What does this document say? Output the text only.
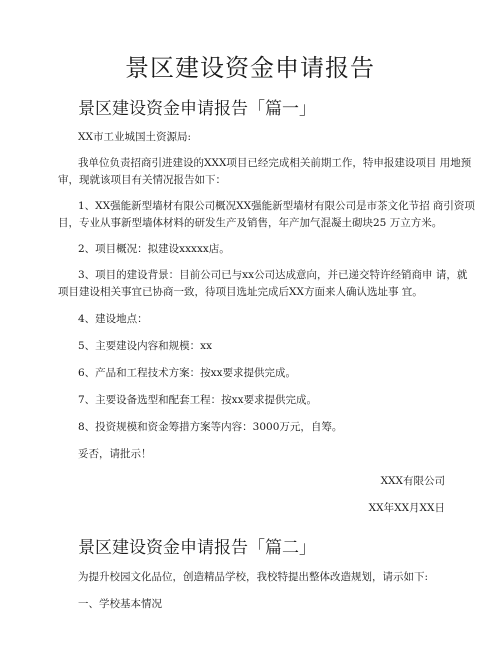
景区建设资金申请报告
景区建设资金申请报告「篇一」
XX市工业城国土资源局:
我单位负责招商引进建设的XXX项目已经完成相关前期工作，特申报建设项目 用地预
审，现就该项目有关情况报告如下：
1、XX强能新型墙材有限公司概况XX强能新型墙材有限公司是市茶文化节招 商引资项
目，专业从事新型墙体材料的研发生产及销售，年产加气混凝土砌块25 万立方米。
2、项目概况：拟建设xxxxx店。
3、项目的建设背景：目前公司已与xx公司达成意向，并已递交特许经销商申 请，就
项目建设相关事宜已协商一致，待项目选址完成后XX方面来人确认选址事 宜。
4、建设地点：
5、主要建设内容和规模：xx
6、产品和工程技术方案：按xx要求提供完成。
7、主要设备选型和配套工程：按xx要求提供完成。
8、投资规模和资金筹措方案等内容：3000万元，自筹。
妥否，请批示！
XXX有限公司
XX年XX月XX日
景区建设资金申请报告「篇二」
为提升校园文化品位，创造精品学校，我校特提出整体改造规划，请示如下:
一、学校基本情况
